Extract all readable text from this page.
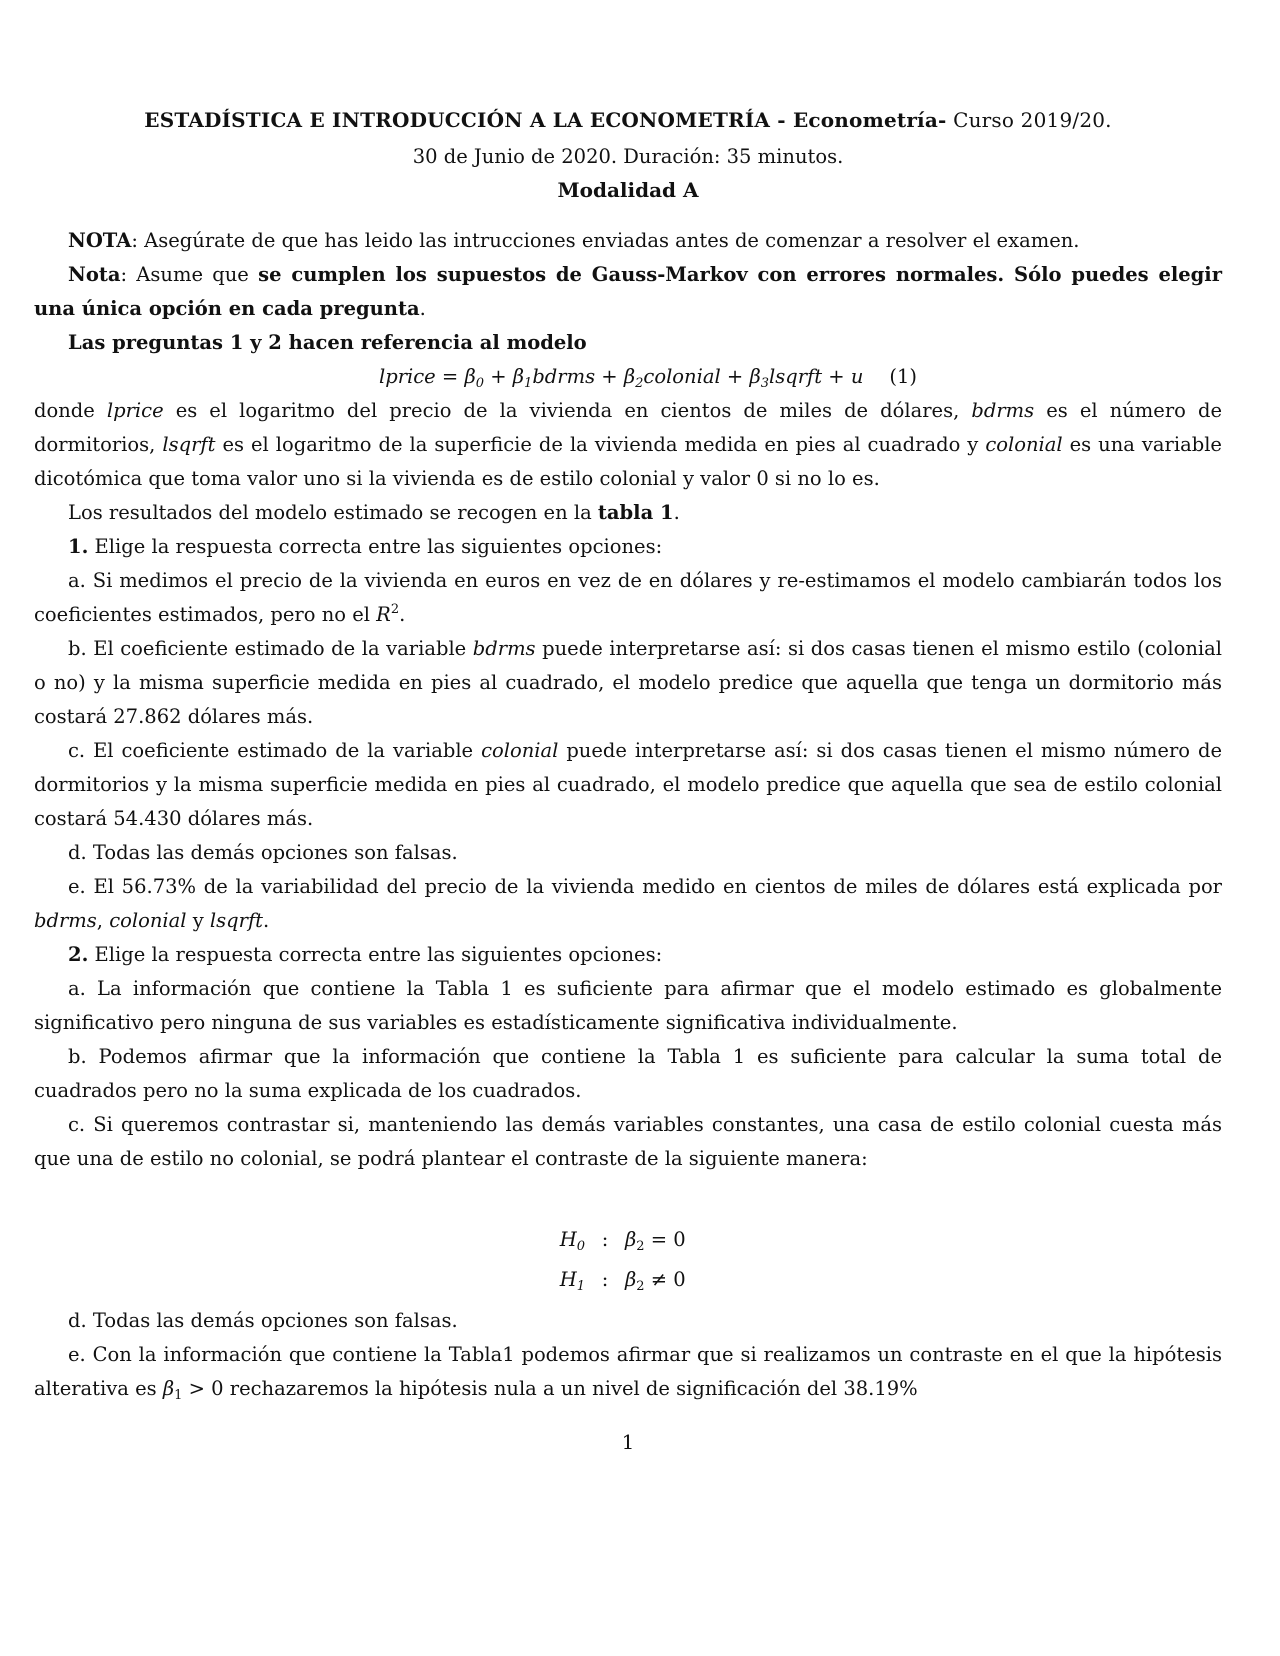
ESTADÍSTICA E INTRODUCCIÓN A LA ECONOMETRÍA - Econometría- Curso 2019/20.
30 de Junio de 2020. Duración: 35 minutos.
Modalidad A

NOTA: Asegúrate de que has leido las intrucciones enviadas antes de comenzar a resolver el examen.

Nota: Asume que se cumplen los supuestos de Gauss-Markov con errores normales. Sólo puedes elegir una única opción en cada pregunta.

Las preguntas 1 y 2 hacen referencia al modelo

lprice = $\beta_0$ + $\beta_1bdrms$ + $\beta_2colonial$ + $\beta_3lsqrft + u$ (1)

donde lprice es el logaritmo del precio de la vivienda en cientos de miles de dólares, bdrms es el número de dormitorios, lsqrft es el logaritmo de la superficie de la vivienda medida en pies al cuadrado y colonial es una variable dicotómica que toma valor uno si la vivienda es de estilo colonial y valor 0 si no lo es.

Los resultados del modelo estimado se recogen en la tabla 1.

1. Elige la respuesta correcta entre las siguientes opciones:

a. Si medimos el precio de la vivienda en euros en vez de en dólares y re-estimamos el modelo cambiarán todos los coeficientes estimados, pero no el $R^2$.

b. El coeficiente estimado de la variable bdrms puede interpretarse así: si dos casas tienen el mismo estilo (colonial o no) y la misma superficie medida en pies al cuadrado, el modelo predice que aquella que tenga un dormitorio más costará 27.862 dólares más.

c. El coeficiente estimado de la variable colonial puede interpretarse así: si dos casas tienen el mismo número de dormitorios y la misma superficie medida en pies al cuadrado, el modelo predice que aquella que sea de estilo colonial costará 54.430 dólares más.

d. Todas las demás opciones son falsas.

e. El 56.73% de la variabilidad del precio de la vivienda medido en cientos de miles de dólares está explicada por bdrms, colonial y lsqrft.

2. Elige la respuesta correcta entre las siguientes opciones:

a. La información que contiene la Tabla 1 es suficiente para afirmar que el modelo estimado es globalmente significativo pero ninguna de sus variables es estadísticamente significativa individualmente.

b. Podemos afirmar que la información que contiene la Tabla 1 es suficiente para calcular la suma total de cuadrados pero no la suma explicada de los cuadrados.

c. Si queremos contrastar si, manteniendo las demás variables constantes, una casa de estilo colonial cuesta más que una de estilo no colonial, se podrá plantear el contraste de la siguiente manera:

$H_0$ : $\beta_2 = 0$
$H_1$ : $\beta_2 \ne 0$

d. Todas las demás opciones son falsas.

e. Con la información que contiene la Tabla1 podemos afirmar que si realizamos un contraste en el que la hipótesis alterativa es $\beta_1 > 0$ rechazaremos la hipótesis nula a un nivel de significación del 38.19%

1
